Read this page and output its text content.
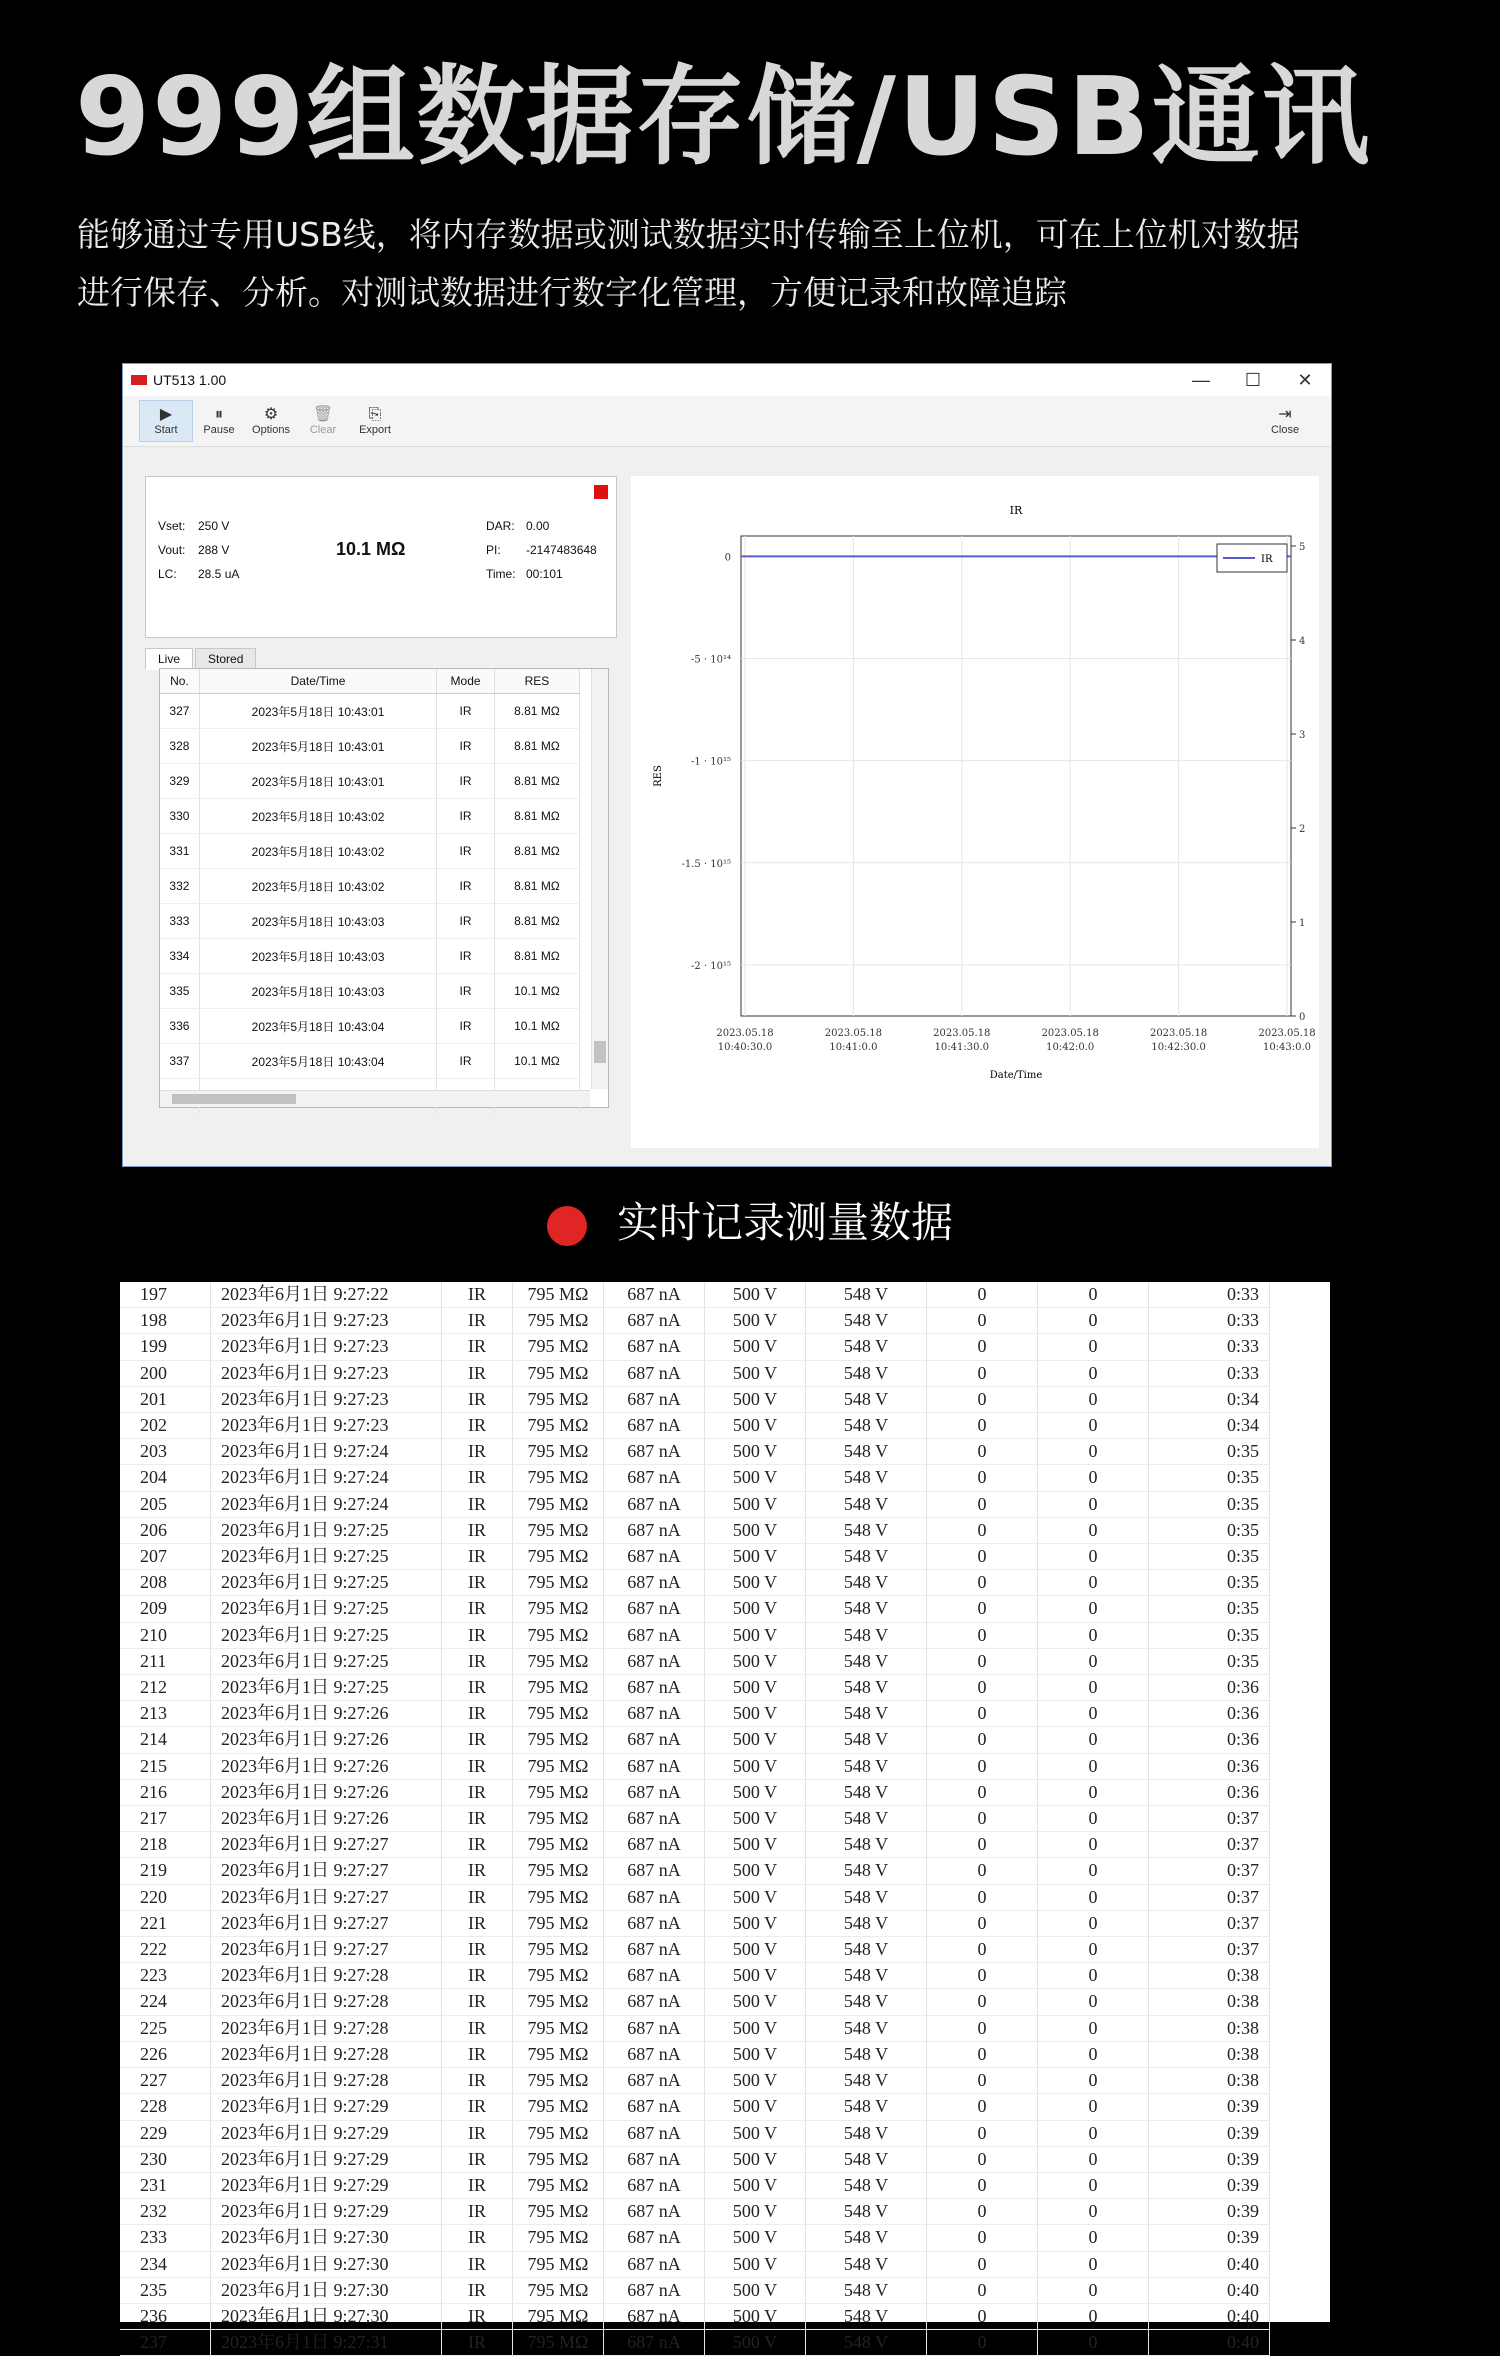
999组数据存储/USB通讯

能够通过专用USB线，将内存数据或测试数据实时传输至上位机，可在上位机对数据

进行保存、分析。对测试数据进行数字化管理，方便记录和故障追踪

UT513 1.00	—	☐	✕
▶
Start
⏸
Pause
⚙
Options
🗑
Clear
⎘
Export
⇥
Close
Vset: 250 V
Vout: 288 V
LC: 28.5 uA
10.1 MΩ
DAR: 0.00
PI: -2147483648
Time: 00:101
Live	Stored
No.	Date/Time	Mode	RES
327	2023年5月18日 10:43:01	IR	8.81 MΩ
328	2023年5月18日 10:43:01	IR	8.81 MΩ
329	2023年5月18日 10:43:01	IR	8.81 MΩ
330	2023年5月18日 10:43:02	IR	8.81 MΩ
331	2023年5月18日 10:43:02	IR	8.81 MΩ
332	2023年5月18日 10:43:02	IR	8.81 MΩ
333	2023年5月18日 10:43:03	IR	8.81 MΩ
334	2023年5月18日 10:43:03	IR	8.81 MΩ
335	2023年5月18日 10:43:03	IR	10.1 MΩ
336	2023年5月18日 10:43:04	IR	10.1 MΩ
337	2023年5月18日 10:43:04	IR	10.1 MΩ

IR
2023.05.18
10:40:30.0
2023.05.18
10:41:0.0
2023.05.18
10:41:30.0
2023.05.18
10:42:0.0
2023.05.18
10:42:30.0
2023.05.18
10:43:0.0
0
-5 · 10¹⁴
-1 · 10¹⁵
-1.5 · 10¹⁵
-2 · 10¹⁵
0
1
2
3
4
5
RES
Date/Time
IR
实时记录测量数据
197	2023年6月1日 9:27:22	IR	795 MΩ	687 nA	500 V	548 V	0	0	0:33
198	2023年6月1日 9:27:23	IR	795 MΩ	687 nA	500 V	548 V	0	0	0:33
199	2023年6月1日 9:27:23	IR	795 MΩ	687 nA	500 V	548 V	0	0	0:33
200	2023年6月1日 9:27:23	IR	795 MΩ	687 nA	500 V	548 V	0	0	0:33
201	2023年6月1日 9:27:23	IR	795 MΩ	687 nA	500 V	548 V	0	0	0:34
202	2023年6月1日 9:27:23	IR	795 MΩ	687 nA	500 V	548 V	0	0	0:34
203	2023年6月1日 9:27:24	IR	795 MΩ	687 nA	500 V	548 V	0	0	0:35
204	2023年6月1日 9:27:24	IR	795 MΩ	687 nA	500 V	548 V	0	0	0:35
205	2023年6月1日 9:27:24	IR	795 MΩ	687 nA	500 V	548 V	0	0	0:35
206	2023年6月1日 9:27:25	IR	795 MΩ	687 nA	500 V	548 V	0	0	0:35
207	2023年6月1日 9:27:25	IR	795 MΩ	687 nA	500 V	548 V	0	0	0:35
208	2023年6月1日 9:27:25	IR	795 MΩ	687 nA	500 V	548 V	0	0	0:35
209	2023年6月1日 9:27:25	IR	795 MΩ	687 nA	500 V	548 V	0	0	0:35
210	2023年6月1日 9:27:25	IR	795 MΩ	687 nA	500 V	548 V	0	0	0:35
211	2023年6月1日 9:27:25	IR	795 MΩ	687 nA	500 V	548 V	0	0	0:35
212	2023年6月1日 9:27:25	IR	795 MΩ	687 nA	500 V	548 V	0	0	0:36
213	2023年6月1日 9:27:26	IR	795 MΩ	687 nA	500 V	548 V	0	0	0:36
214	2023年6月1日 9:27:26	IR	795 MΩ	687 nA	500 V	548 V	0	0	0:36
215	2023年6月1日 9:27:26	IR	795 MΩ	687 nA	500 V	548 V	0	0	0:36
216	2023年6月1日 9:27:26	IR	795 MΩ	687 nA	500 V	548 V	0	0	0:36
217	2023年6月1日 9:27:26	IR	795 MΩ	687 nA	500 V	548 V	0	0	0:37
218	2023年6月1日 9:27:27	IR	795 MΩ	687 nA	500 V	548 V	0	0	0:37
219	2023年6月1日 9:27:27	IR	795 MΩ	687 nA	500 V	548 V	0	0	0:37
220	2023年6月1日 9:27:27	IR	795 MΩ	687 nA	500 V	548 V	0	0	0:37
221	2023年6月1日 9:27:27	IR	795 MΩ	687 nA	500 V	548 V	0	0	0:37
222	2023年6月1日 9:27:27	IR	795 MΩ	687 nA	500 V	548 V	0	0	0:37
223	2023年6月1日 9:27:28	IR	795 MΩ	687 nA	500 V	548 V	0	0	0:38
224	2023年6月1日 9:27:28	IR	795 MΩ	687 nA	500 V	548 V	0	0	0:38
225	2023年6月1日 9:27:28	IR	795 MΩ	687 nA	500 V	548 V	0	0	0:38
226	2023年6月1日 9:27:28	IR	795 MΩ	687 nA	500 V	548 V	0	0	0:38
227	2023年6月1日 9:27:28	IR	795 MΩ	687 nA	500 V	548 V	0	0	0:38
228	2023年6月1日 9:27:29	IR	795 MΩ	687 nA	500 V	548 V	0	0	0:39
229	2023年6月1日 9:27:29	IR	795 MΩ	687 nA	500 V	548 V	0	0	0:39
230	2023年6月1日 9:27:29	IR	795 MΩ	687 nA	500 V	548 V	0	0	0:39
231	2023年6月1日 9:27:29	IR	795 MΩ	687 nA	500 V	548 V	0	0	0:39
232	2023年6月1日 9:27:29	IR	795 MΩ	687 nA	500 V	548 V	0	0	0:39
233	2023年6月1日 9:27:30	IR	795 MΩ	687 nA	500 V	548 V	0	0	0:39
234	2023年6月1日 9:27:30	IR	795 MΩ	687 nA	500 V	548 V	0	0	0:40
235	2023年6月1日 9:27:30	IR	795 MΩ	687 nA	500 V	548 V	0	0	0:40
236	2023年6月1日 9:27:30	IR	795 MΩ	687 nA	500 V	548 V	0	0	0:40
237	2023年6月1日 9:27:31	IR	795 MΩ	687 nA	500 V	548 V	0	0	0:40
